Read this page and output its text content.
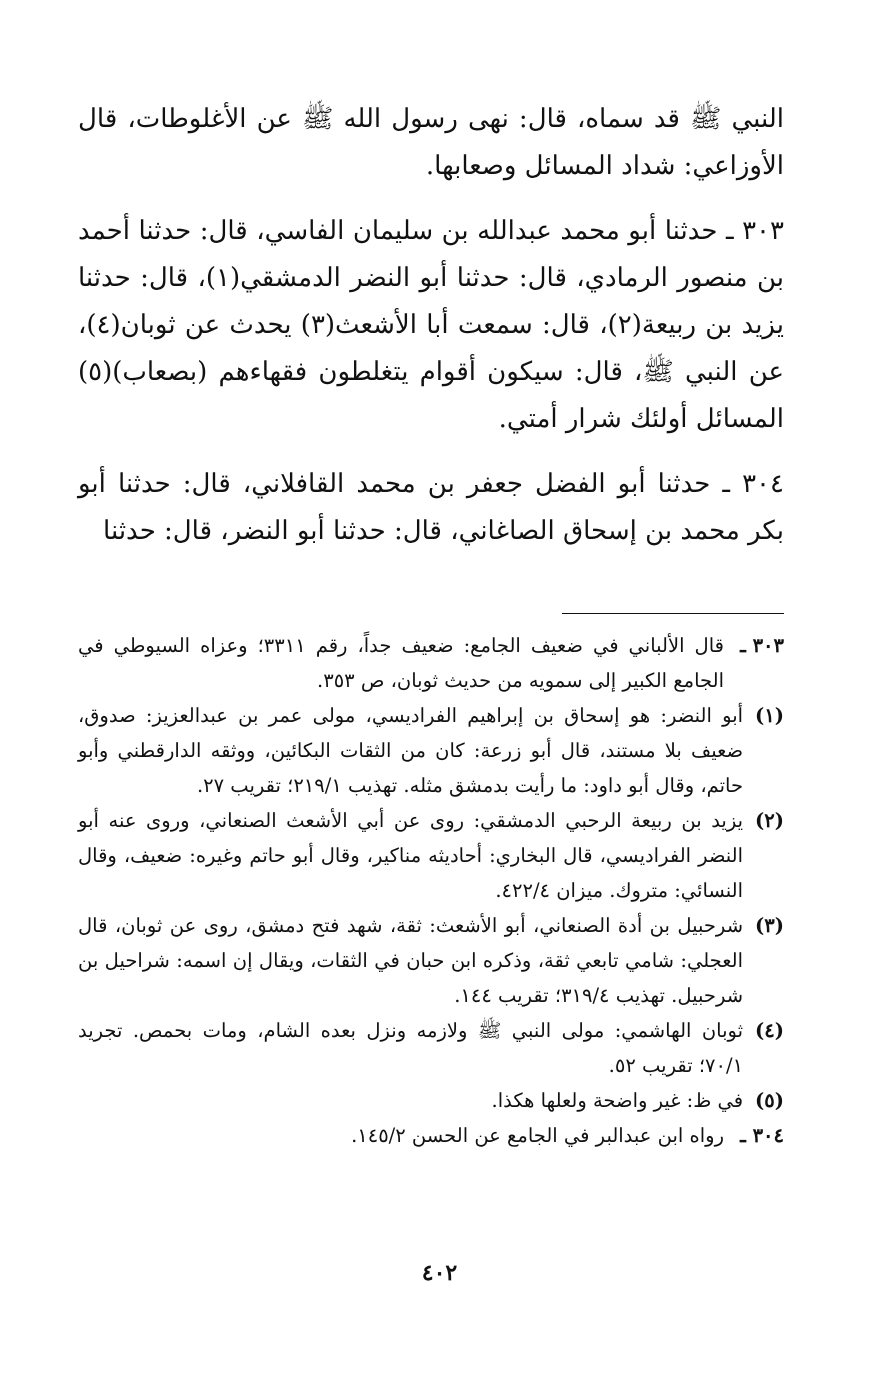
النبي ﷺ قد سماه، قال: نهى رسول الله ﷺ عن الأغلوطات، قال الأوزاعي: شداد المسائل وصعابها.

٣٠٣ ـ حدثنا أبو محمد عبدالله بن سليمان الفاسي، قال: حدثنا أحمد بن منصور الرمادي، قال: حدثنا أبو النضر الدمشقي(١)، قال: حدثنا يزيد بن ربيعة(٢)، قال: سمعت أبا الأشعث(٣) يحدث عن ثوبان(٤)، عن النبي ﷺ، قال: سيكون أقوام يتغلطون فقهاءهم (بصعاب)(٥) المسائل أولئك شرار أمتي.

٣٠٤ ـ حدثنا أبو الفضل جعفر بن محمد القافلاني، قال: حدثنا أبو بكر محمد بن إسحاق الصاغاني، قال: حدثنا أبو النضر، قال: حدثنا

٣٠٣ ـ
قال الألباني في ضعيف الجامع: ضعيف جداً، رقم ٣٣١١؛ وعزاه السيوطي في الجامع الكبير إلى سمويه من حديث ثوبان، ص ٣٥٣.
(١)
أبو النضر: هو إسحاق بن إبراهيم الفراديسي، مولى عمر بن عبدالعزيز: صدوق، ضعيف بلا مستند، قال أبو زرعة: كان من الثقات البكائين، ووثقه الدارقطني وأبو حاتم، وقال أبو داود: ما رأيت بدمشق مثله. تهذيب ٢١٩/١؛ تقريب ٢٧.
(٢)
يزيد بن ربيعة الرحبي الدمشقي: روى عن أبي الأشعث الصنعاني، وروى عنه أبو النضر الفراديسي، قال البخاري: أحاديثه مناكير، وقال أبو حاتم وغيره: ضعيف، وقال النسائي: متروك. ميزان ٤٢٢/٤.
(٣)
شرحبيل بن أدة الصنعاني، أبو الأشعث: ثقة، شهد فتح دمشق، روى عن ثوبان، قال العجلي: شامي تابعي ثقة، وذكره ابن حبان في الثقات، ويقال إن اسمه: شراحيل بن شرحبيل. تهذيب ٣١٩/٤؛ تقريب ١٤٤.
(٤)
ثوبان الهاشمي: مولى النبي ﷺ ولازمه ونزل بعده الشام، ومات بحمص. تجريد ٧٠/١؛ تقريب ٥٢.
(٥)
في ظ: غير واضحة ولعلها هكذا.
٣٠٤ ـ
رواه ابن عبدالبر في الجامع عن الحسن ١٤٥/٢.
٤٠٢
